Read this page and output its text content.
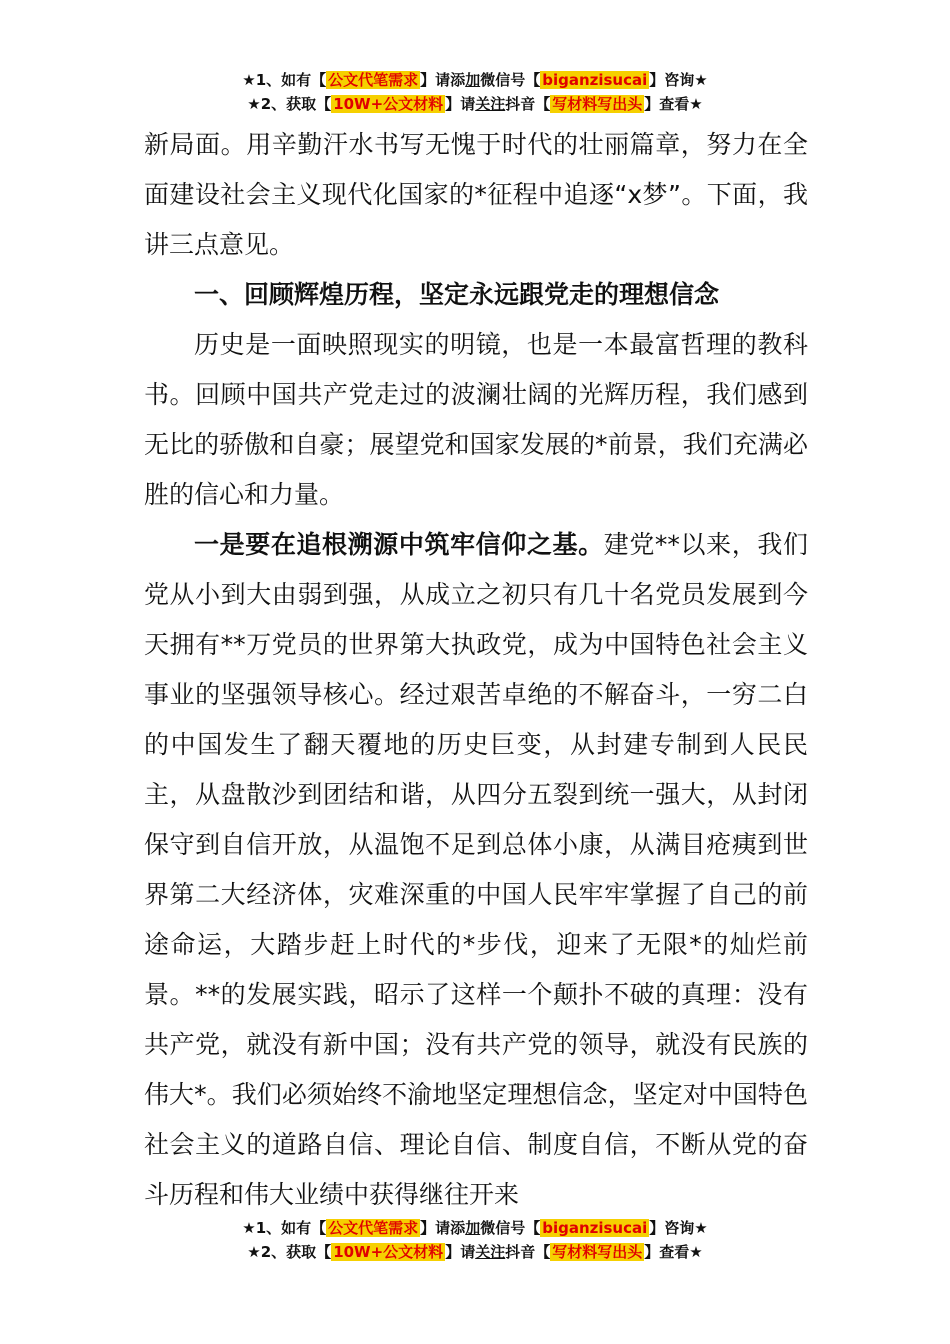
★1、如有【 公文代笔需求 】请添加微信号【 biganzisucai 】咨询★
★2、获取【 10W+公文材料 】请关注抖音【 写材料写出头 】查看★

新局面。用辛勤汗水书写无愧于时代的壮丽篇章，努力在全面建设社会主义现代化国家的*征程中追逐“x梦”。下面，我讲三点意见。

一、回顾辉煌历程，坚定永远跟党走的理想信念

历史是一面映照现实的明镜，也是一本最富哲理的教科书。回顾中国共产党走过的波澜壮阔的光辉历程，我们感到无比的骄傲和自豪；展望党和国家发展的*前景，我们充满必胜的信心和力量。

一是要在追根溯源中筑牢信仰之基。建党**以来，我们党从小到大由弱到强，从成立之初只有几十名党员发展到今天拥有**万党员的世界第大执政党，成为中国特色社会主义事业的坚强领导核心。经过艰苦卓绝的不解奋斗，一穷二白的中国发生了翻天覆地的历史巨变，从封建专制到人民民主，从盘散沙到团结和谐，从四分五裂到统一强大，从封闭保守到自信开放，从温饱不足到总体小康，从满目疮痍到世界第二大经济体，灾难深重的中国人民牢牢掌握了自己的前途命运，大踏步赶上时代的*步伐，迎来了无限*的灿烂前景。**的发展实践，昭示了这样一个颠扑不破的真理：没有共产党，就没有新中国；没有共产党的领导，就没有民族的伟大*。我们必须始终不渝地坚定理想信念，坚定对中国特色社会主义的道路自信、理论自信、制度自信，不断从党的奋斗历程和伟大业绩中获得继往开来

★1、如有【 公文代笔需求 】请添加微信号【 biganzisucai 】咨询★
★2、获取【 10W+公文材料 】请关注抖音【 写材料写出头 】查看★
